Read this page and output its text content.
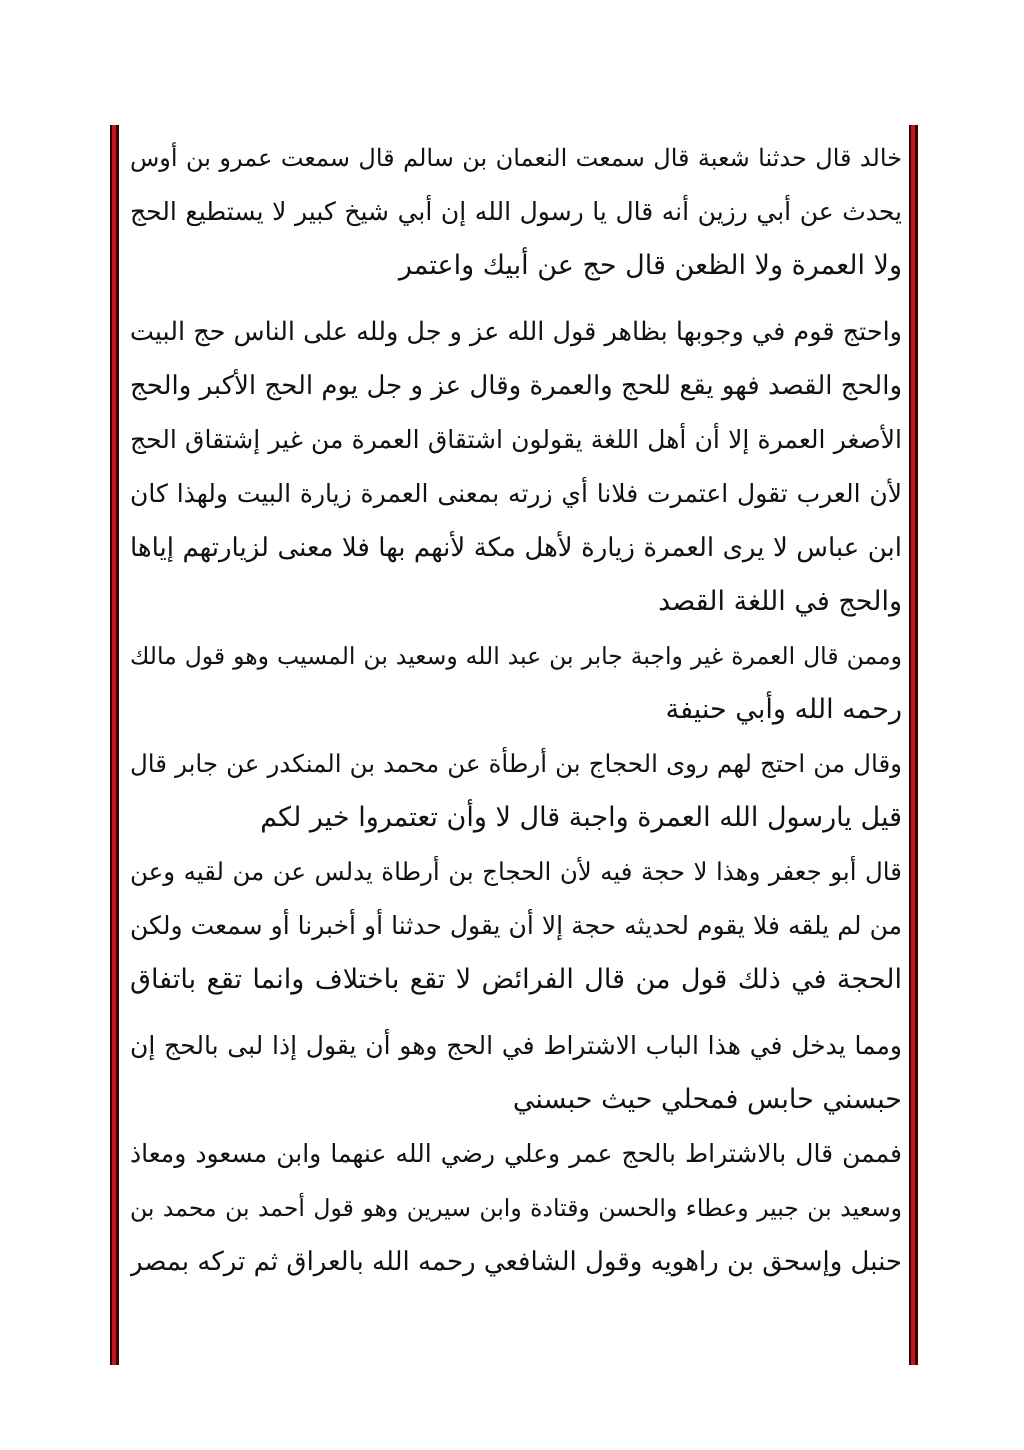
خالد قال حدثنا شعبة قال سمعت النعمان بن سالم قال سمعت عمرو بن أوس
يحدث عن أبي رزين أنه قال يا رسول الله إن أبي شيخ كبير لا يستطيع الحج
ولا العمرة ولا الظعن قال حج عن أبيك واعتمر
واحتج قوم في وجوبها بظاهر قول الله عز و جل ولله على الناس حج البيت
والحج القصد فهو يقع للحج والعمرة وقال عز و جل يوم الحج الأكبر والحج
الأصغر العمرة إلا أن أهل اللغة يقولون اشتقاق العمرة من غير إشتقاق الحج
لأن العرب تقول اعتمرت فلانا أي زرته بمعنى العمرة زيارة البيت ولهذا كان
ابن عباس لا يرى العمرة زيارة لأهل مكة لأنهم بها فلا معنى لزيارتهم إياها
والحج في اللغة القصد
وممن قال العمرة غير واجبة جابر بن عبد الله وسعيد بن المسيب وهو قول مالك
رحمه الله وأبي حنيفة
وقال من احتج لهم روى الحجاج بن أرطأة عن محمد بن المنكدر عن جابر قال
قيل يارسول الله العمرة واجبة قال لا وأن تعتمروا خير لكم
قال أبو جعفر وهذا لا حجة فيه لأن الحجاج بن أرطاة يدلس عن من لقيه وعن
من لم يلقه فلا يقوم لحديثه حجة إلا أن يقول حدثنا أو أخبرنا أو سمعت ولكن
الحجة في ذلك قول من قال الفرائض لا تقع باختلاف وانما تقع باتفاق
ومما يدخل في هذا الباب الاشتراط في الحج وهو أن يقول إذا لبى بالحج إن
حبسني حابس فمحلي حيث حبسني
فممن قال بالاشتراط بالحج عمر وعلي رضي الله عنهما وابن مسعود ومعاذ
وسعيد بن جبير وعطاء والحسن وقتادة وابن سيرين وهو قول أحمد بن محمد بن
حنبل وإسحق بن راهويه وقول الشافعي رحمه الله بالعراق ثم تركه بمصر
